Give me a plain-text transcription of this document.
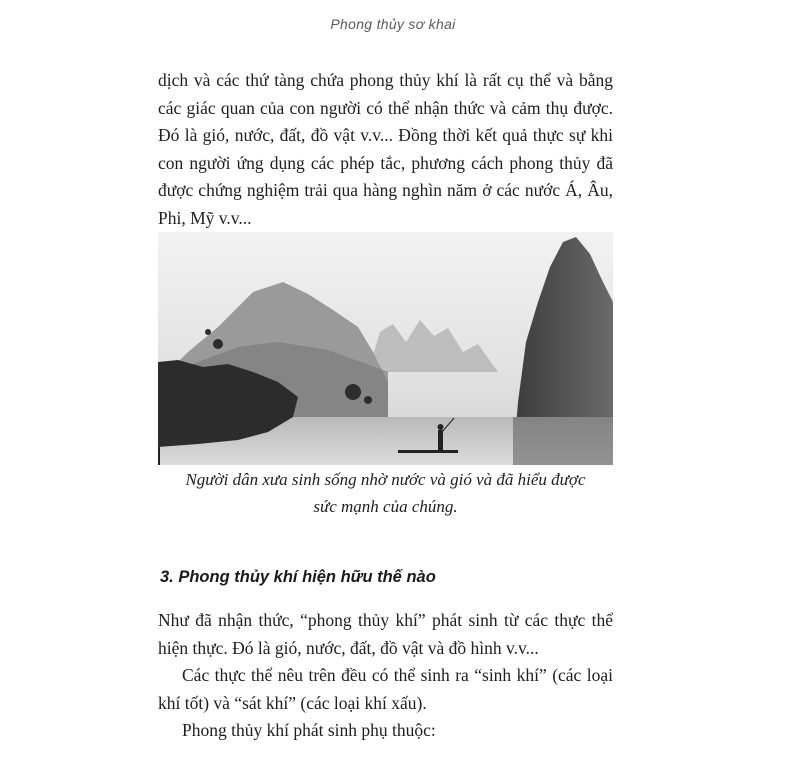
Phong thủy sơ khai

dịch và các thứ tàng chứa phong thủy khí là rất cụ thể và bằng
các giác quan của con người có thể nhận thức và cảm thụ được.
Đó là gió, nước, đất, đồ vật v.v... Đồng thời kết quả thực sự khi
con người ứng dụng các phép tắc, phương cách phong thủy đã
được chứng nghiệm trải qua hàng nghìn năm ở các nước Á, Âu,
Phi, Mỹ v.v...

Người dân xưa sinh sống nhờ nước và gió và đã hiểu được
sức mạnh của chúng.

3. Phong thủy khí hiện hữu thế nào

Như đã nhận thức, “phong thủy khí” phát sinh từ các thực thể
hiện thực. Đó là gió, nước, đất, đồ vật và đồ hình v.v...

Các thực thể nêu trên đều có thể sinh ra “sinh khí” (các loại
khí tốt) và “sát khí” (các loại khí xấu).

Phong thủy khí phát sinh phụ thuộc:
